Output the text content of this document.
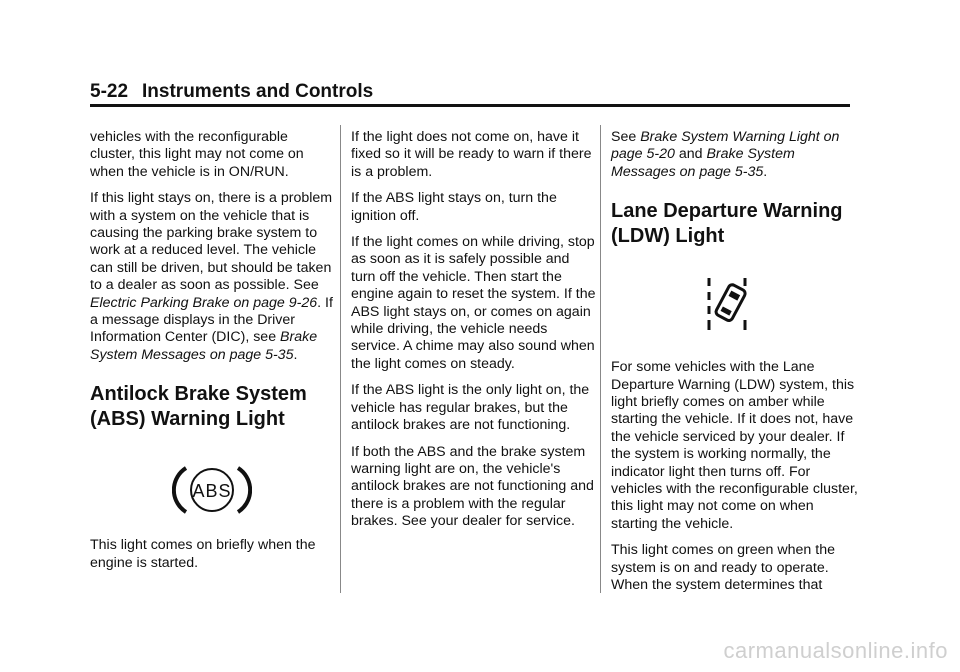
5-22 Instruments and Controls

vehicles with the reconfigurable cluster, this light may not come on when the vehicle is in ON/RUN.

If this light stays on, there is a problem with a system on the vehicle that is causing the parking brake system to work at a reduced level. The vehicle can still be driven, but should be taken to a dealer as soon as possible. See Electric Parking Brake on page 9-26. If a message displays in the Driver Information Center (DIC), see Brake System Messages on page 5-35.

Antilock Brake System
(ABS) Warning Light
ABS

This light comes on briefly when the engine is started.

If the light does not come on, have it fixed so it will be ready to warn if there is a problem.

If the ABS light stays on, turn the ignition off.

If the light comes on while driving, stop as soon as it is safely possible and turn off the vehicle. Then start the engine again to reset the system. If the ABS light stays on, or comes on again while driving, the vehicle needs service. A chime may also sound when the light comes on steady.

If the ABS light is the only light on, the vehicle has regular brakes, but the antilock brakes are not functioning.

If both the ABS and the brake system warning light are on, the vehicle's antilock brakes are not functioning and there is a problem with the regular brakes. See your dealer for service.

See Brake System Warning Light on page 5-20 and Brake System Messages on page 5-35.

Lane Departure Warning
(LDW) Light

For some vehicles with the Lane Departure Warning (LDW) system, this light briefly comes on amber while starting the vehicle. If it does not, have the vehicle serviced by your dealer. If the system is working normally, the indicator light then turns off. For vehicles with the reconfigurable cluster, this light may not come on when starting the vehicle.

This light comes on green when the system is on and ready to operate. When the system determines that

carmanualsonline.info
